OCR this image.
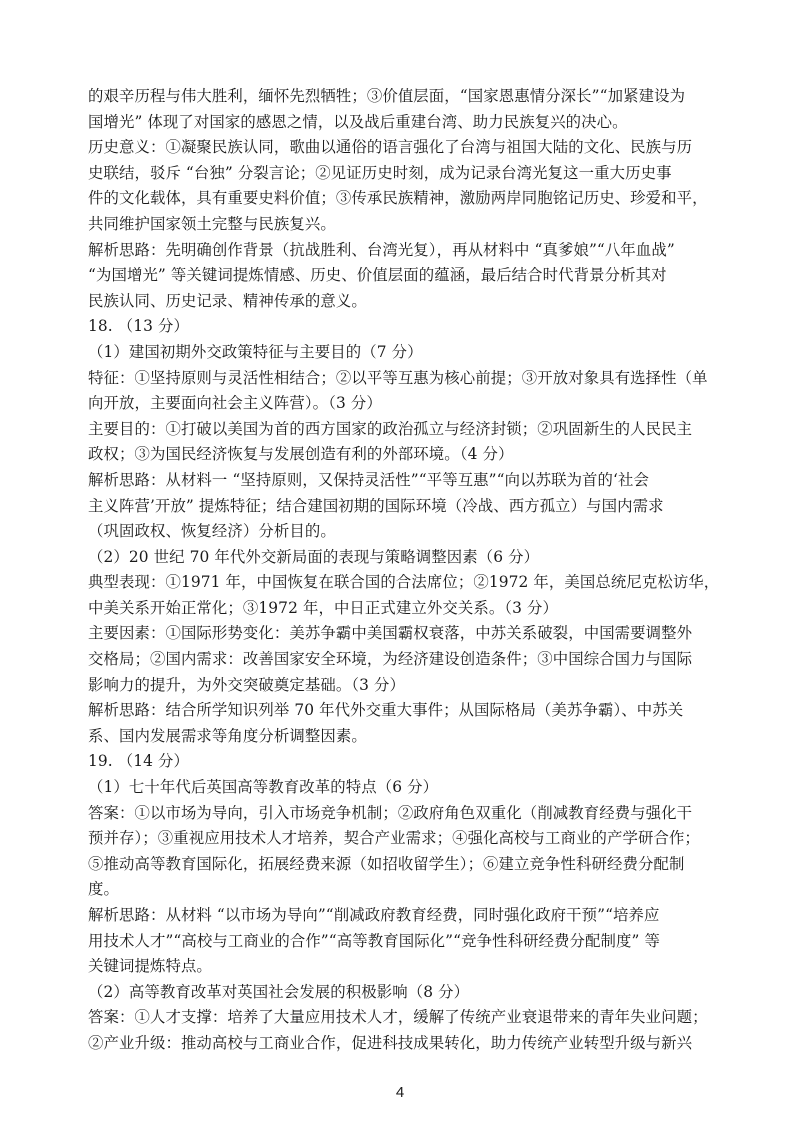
的艰辛历程与伟大胜利，缅怀先烈牺牲；③价值层面，“国家恩惠情分深长”“加紧建设为
国增光” 体现了对国家的感恩之情，以及战后重建台湾、助力民族复兴的决心。
历史意义：①凝聚民族认同，歌曲以通俗的语言强化了台湾与祖国大陆的文化、民族与历
史联结，驳斥 “台独” 分裂言论；②见证历史时刻，成为记录台湾光复这一重大历史事
件的文化载体，具有重要史料价值；③传承民族精神，激励两岸同胞铭记历史、珍爱和平，
共同维护国家领土完整与民族复兴。
解析思路：先明确创作背景（抗战胜利、台湾光复），再从材料中 “真爹娘”“八年血战”
“为国增光” 等关键词提炼情感、历史、价值层面的蕴涵，最后结合时代背景分析其对
民族认同、历史记录、精神传承的意义。
18. （13 分）
（1）建国初期外交政策特征与主要目的（7 分）
特征：①坚持原则与灵活性相结合；②以平等互惠为核心前提；③开放对象具有选择性（单
向开放，主要面向社会主义阵营）。（3 分）
主要目的：①打破以美国为首的西方国家的政治孤立与经济封锁；②巩固新生的人民民主
政权；③为国民经济恢复与发展创造有利的外部环境。（4 分）
解析思路：从材料一 “坚持原则，又保持灵活性”“平等互惠”“向以苏联为首的‘社会
主义阵营’开放” 提炼特征；结合建国初期的国际环境（冷战、西方孤立）与国内需求
（巩固政权、恢复经济）分析目的。
（2）20 世纪 70 年代外交新局面的表现与策略调整因素（6 分）
典型表现：①1971 年，中国恢复在联合国的合法席位；②1972 年，美国总统尼克松访华，
中美关系开始正常化；③1972 年，中日正式建立外交关系。（3 分）
主要因素：①国际形势变化：美苏争霸中美国霸权衰落，中苏关系破裂，中国需要调整外
交格局；②国内需求：改善国家安全环境，为经济建设创造条件；③中国综合国力与国际
影响力的提升，为外交突破奠定基础。（3 分）
解析思路：结合所学知识列举 70 年代外交重大事件；从国际格局（美苏争霸）、中苏关
系、国内发展需求等角度分析调整因素。
19. （14 分）
（1）七十年代后英国高等教育改革的特点（6 分）
答案：①以市场为导向，引入市场竞争机制；②政府角色双重化（削减教育经费与强化干
预并存）；③重视应用技术人才培养，契合产业需求；④强化高校与工商业的产学研合作；
⑤推动高等教育国际化，拓展经费来源（如招收留学生）；⑥建立竞争性科研经费分配制
度。
解析思路：从材料 “以市场为导向”“削减政府教育经费，同时强化政府干预”“培养应
用技术人才”“高校与工商业的合作”“高等教育国际化”“竞争性科研经费分配制度” 等
关键词提炼特点。
（2）高等教育改革对英国社会发展的积极影响（8 分）
答案：①人才支撑：培养了大量应用技术人才，缓解了传统产业衰退带来的青年失业问题；
②产业升级：推动高校与工商业合作，促进科技成果转化，助力传统产业转型升级与新兴
4
